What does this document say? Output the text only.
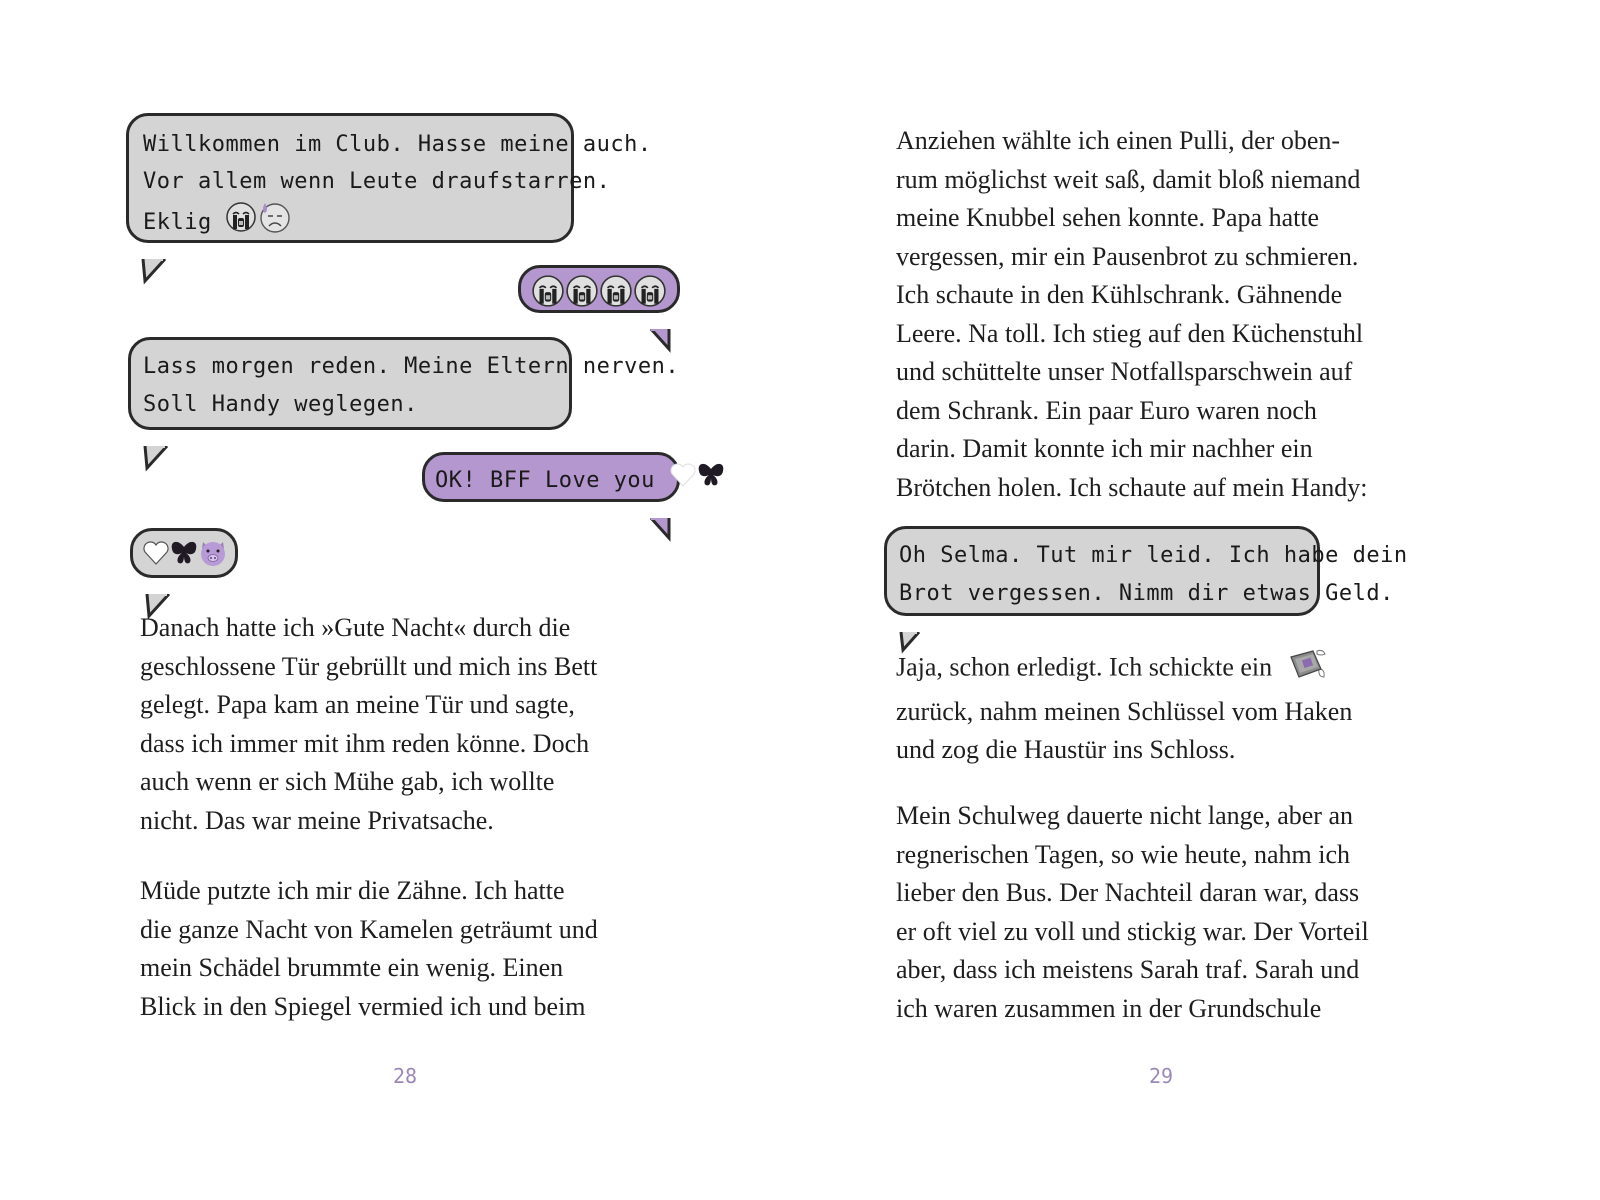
Willkommen im Club. Hasse meine auch.
Vor allem wenn Leute draufstarren.
Eklig
Lass morgen reden. Meine Eltern nerven.
Soll Handy weglegen.
OK! BFF Love you
Danach hatte ich »Gute Nacht« durch die
geschlossene Tür gebrüllt und mich ins Bett
gelegt. Papa kam an meine Tür und sagte,
dass ich immer mit ihm reden könne. Doch
auch wenn er sich Mühe gab, ich wollte
nicht. Das war meine Privatsache.
Müde putzte ich mir die Zähne. Ich hatte
die ganze Nacht von Kamelen geträumt und
mein Schädel brummte ein wenig. Einen
Blick in den Spiegel vermied ich und beim
28
Anziehen wählte ich einen Pulli, der oben-
rum möglichst weit saß, damit bloß niemand
meine Knubbel sehen konnte. Papa hatte
vergessen, mir ein Pausenbrot zu schmieren.
Ich schaute in den Kühlschrank. Gähnende
Leere. Na toll. Ich stieg auf den Küchenstuhl
und schüttelte unser Notfallsparschwein auf
dem Schrank. Ein paar Euro waren noch
darin. Damit konnte ich mir nachher ein
Brötchen holen. Ich schaute auf mein Handy:
Oh Selma. Tut mir leid. Ich habe dein
Brot vergessen. Nimm dir etwas Geld.
Jaja, schon erledigt. Ich schickte ein
zurück, nahm meinen Schlüssel vom Haken
und zog die Haustür ins Schloss.
Mein Schulweg dauerte nicht lange, aber an
regnerischen Tagen, so wie heute, nahm ich
lieber den Bus. Der Nachteil daran war, dass
er oft viel zu voll und stickig war. Der Vorteil
aber, dass ich meistens Sarah traf. Sarah und
ich waren zusammen in der Grundschule
29
